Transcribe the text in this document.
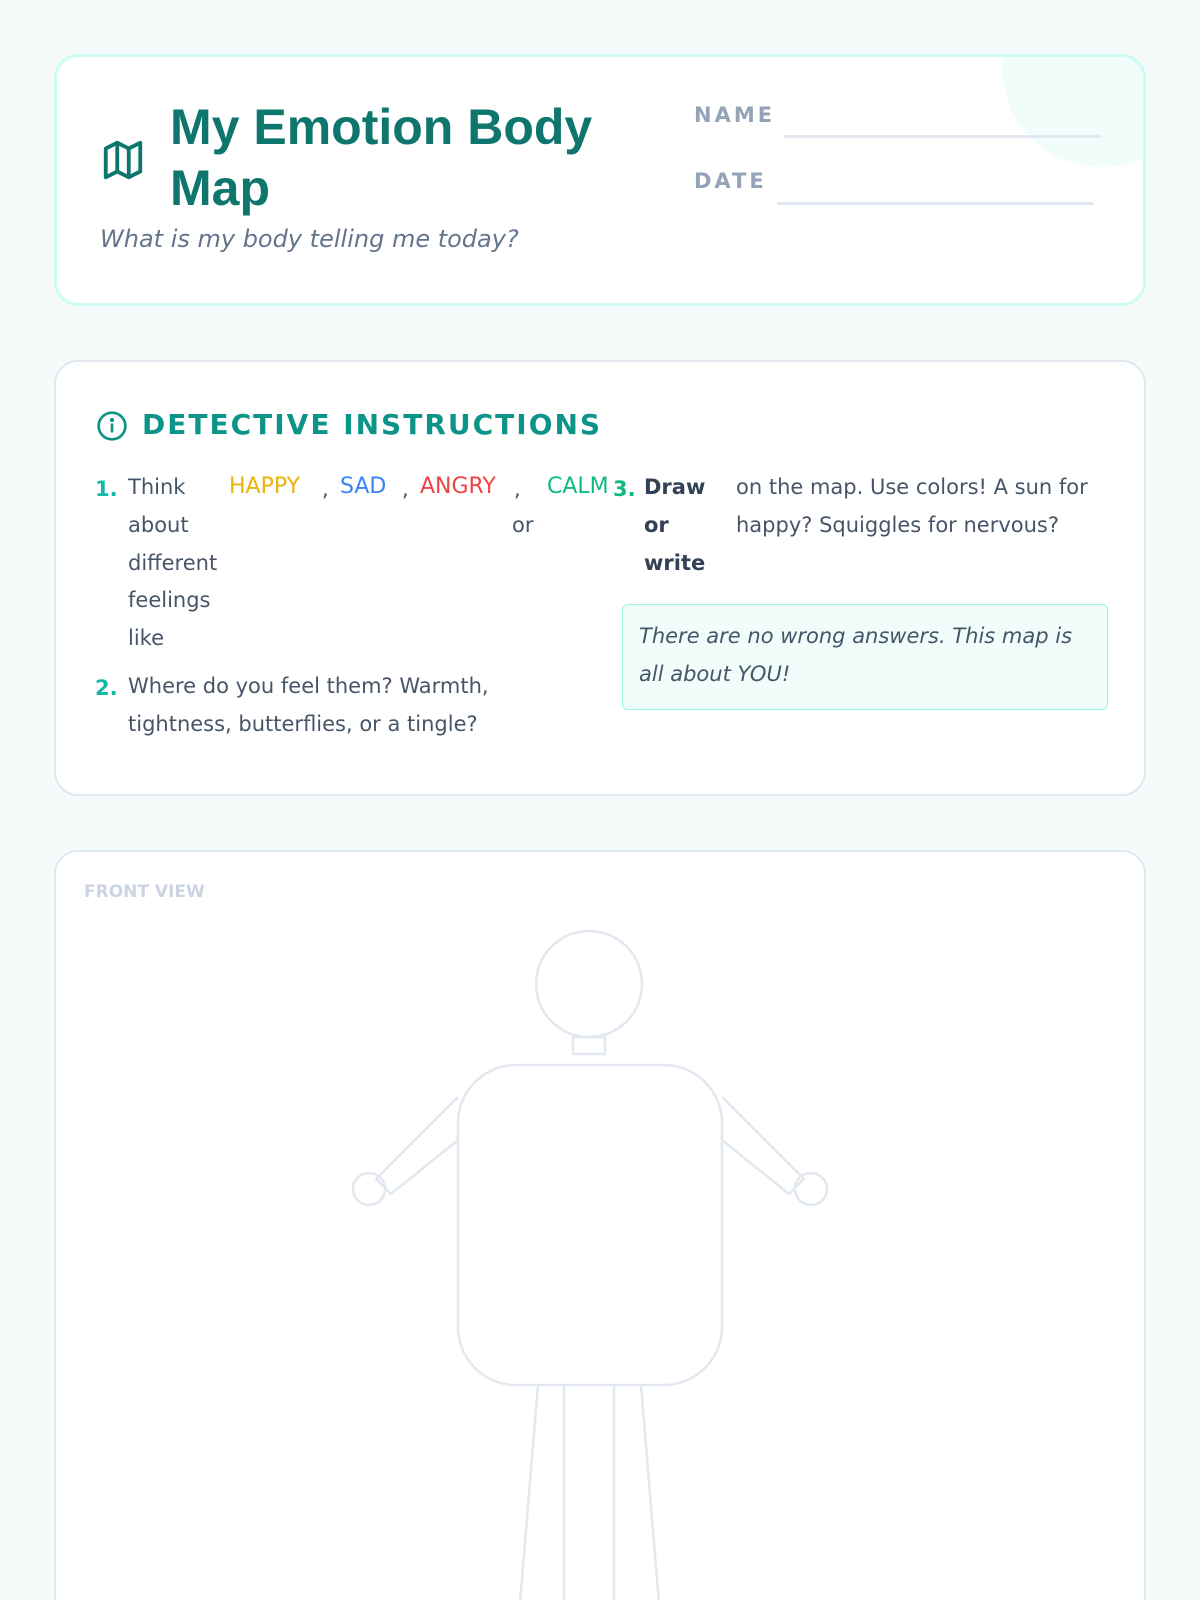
My Emotion Body Map
What is my body telling me today?
NAME
DATE
DETECTIVE INSTRUCTIONS
1. Think
about
different
feelings
like
HAPPY , SAD , ANGRY ,
or
CALM 3. Draw
or
write
on the map. Use colors! A sun for
happy? Squiggles for nervous?
2. Where do you feel them? Warmth,
tightness, butterflies, or a tingle?
There are no wrong answers. This map is all about YOU!
FRONT VIEW
